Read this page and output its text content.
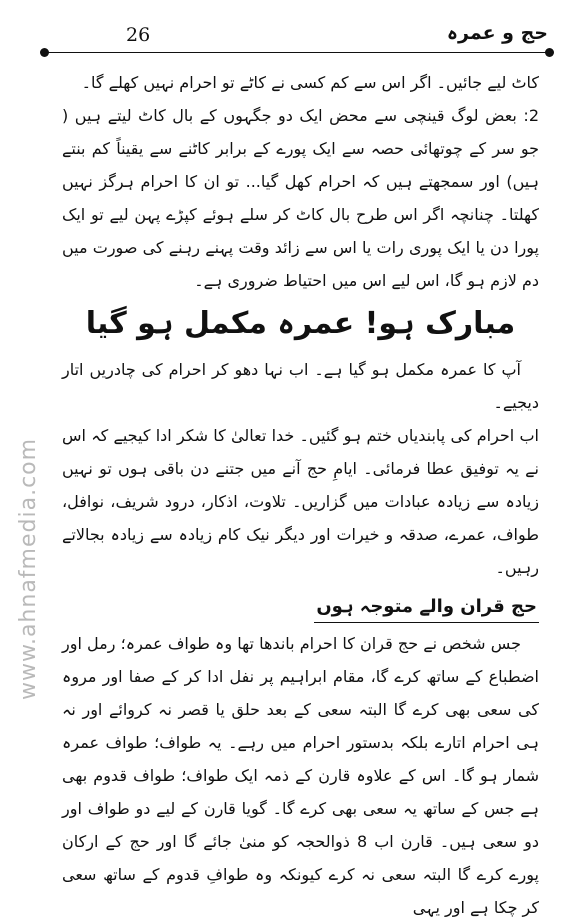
حج و عمرہ
26
www.ahnafmedia.com

کاٹ لیے جائیں۔ اگر اس سے کم کسی نے کاٹے تو احرام نہیں کھلے گا۔

2: بعض لوگ قینچی سے محض ایک دو جگہوں کے بال کاٹ لیتے ہیں ( جو سر کے چوتھائی حصہ سے ایک پورے کے برابر کاٹنے سے یقیناً کم بنتے ہیں) اور سمجھتے ہیں کہ احرام کھل گیا... تو ان کا احرام ہرگز نہیں کھلتا۔ چنانچہ اگر اس طرح بال کاٹ کر سلے ہوئے کپڑے پہن لیے تو ایک پورا دن یا ایک پوری رات یا اس سے زائد وقت پہنے رہنے کی صورت میں دم لازم ہو گا، اس لیے اس میں احتیاط ضروری ہے۔

مبارک ہو! عمرہ مکمل ہو گیا

آپ کا عمرہ مکمل ہو گیا ہے۔ اب نہا دھو کر احرام کی چادریں اتار دیجیے۔

اب احرام کی پابندیاں ختم ہو گئیں۔ خدا تعالیٰ کا شکر ادا کیجیے کہ اس نے یہ توفیق عطا فرمائی۔ ایامِ حج آنے میں جتنے دن باقی ہوں تو نہیں زیادہ سے زیادہ عبادات میں گزاریں۔ تلاوت، اذکار، درود شریف، نوافل، طواف، عمرے، صدقہ و خیرات اور دیگر نیک کام زیادہ سے زیادہ بجالاتے رہیں۔

حج قران والے متوجہ ہوں

جس شخص نے حج قران کا احرام باندھا تھا وہ طواف عمرہ؛ رمل اور اضطباع کے ساتھ کرے گا، مقام ابراہیم پر نفل ادا کر کے صفا اور مروہ کی سعی بھی کرے گا البتہ سعی کے بعد حلق یا قصر نہ کروائے اور نہ ہی احرام اتارے بلکہ بدستور احرام میں رہے۔ یہ طواف؛ طواف عمرہ شمار ہو گا۔ اس کے علاوہ قارن کے ذمہ ایک طواف؛ طواف قدوم بھی ہے جس کے ساتھ یہ سعی بھی کرے گا۔ گویا قارن کے لیے دو طواف اور دو سعی ہیں۔ قارن اب 8 ذوالحجہ کو منیٰ جائے گا اور حج کے ارکان پورے کرے گا البتہ سعی نہ کرے کیونکہ وہ طوافِ قدوم کے ساتھ سعی کر چکا ہے اور یہی
